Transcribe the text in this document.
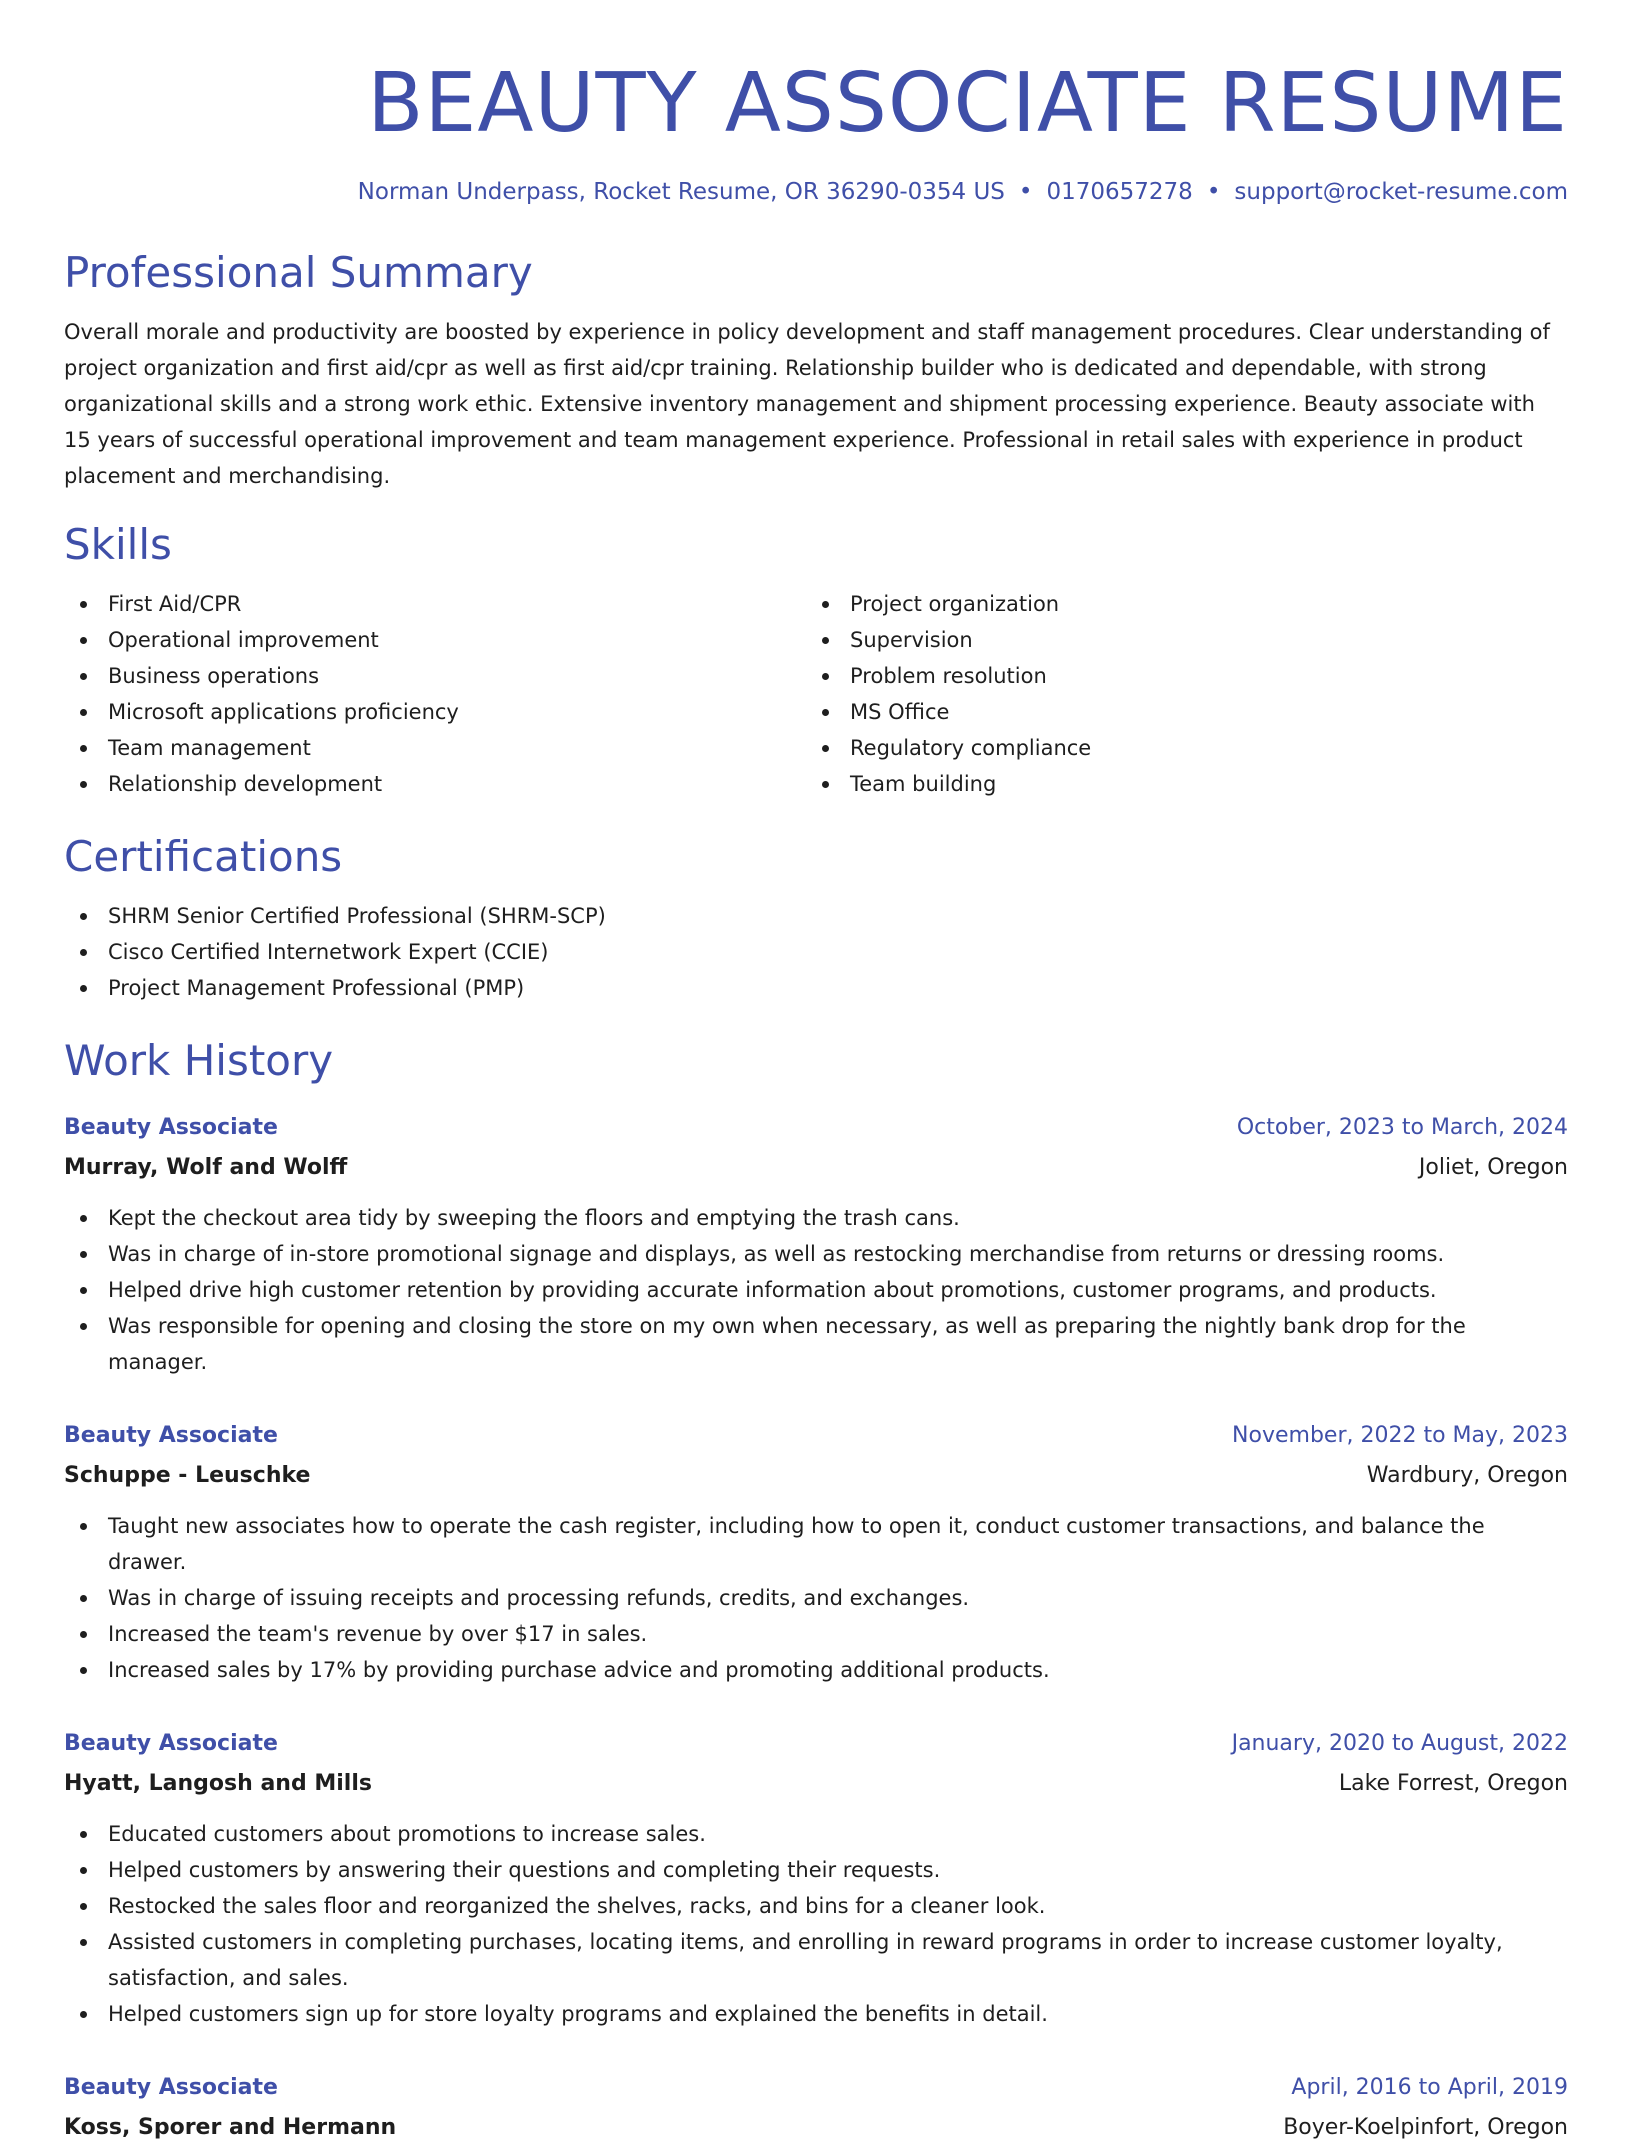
BEAUTY ASSOCIATE RESUME
Norman Underpass, Rocket Resume, OR 36290-0354 US • 0170657278 • support@rocket-resume.com
Professional Summary

Overall morale and productivity are boosted by experience in policy development and staff management procedures. Clear understanding of project organization and first aid/cpr as well as first aid/cpr training. Relationship builder who is dedicated and dependable, with strong organizational skills and a strong work ethic. Extensive inventory management and shipment processing experience. Beauty associate with 15 years of successful operational improvement and team management experience. Professional in retail sales with experience in product placement and merchandising.

Skills
First Aid/CPR
Operational improvement
Business operations
Microsoft applications proficiency
Team management
Relationship development
Project organization
Supervision
Problem resolution
MS Office
Regulatory compliance
Team building
Certifications
SHRM Senior Certified Professional (SHRM-SCP)
Cisco Certified Internetwork Expert (CCIE)
Project Management Professional (PMP)
Work History
Beauty Associate	October, 2023 to March, 2024
Murray, Wolf and Wolff	Joliet, Oregon
Kept the checkout area tidy by sweeping the floors and emptying the trash cans.
Was in charge of in-store promotional signage and displays, as well as restocking merchandise from returns or dressing rooms.
Helped drive high customer retention by providing accurate information about promotions, customer programs, and products.
Was responsible for opening and closing the store on my own when necessary, as well as preparing the nightly bank drop for the manager.
Beauty Associate	November, 2022 to May, 2023
Schuppe - Leuschke	Wardbury, Oregon
Taught new associates how to operate the cash register, including how to open it, conduct customer transactions, and balance the drawer.
Was in charge of issuing receipts and processing refunds, credits, and exchanges.
Increased the team's revenue by over $17 in sales.
Increased sales by 17% by providing purchase advice and promoting additional products.
Beauty Associate	January, 2020 to August, 2022
Hyatt, Langosh and Mills	Lake Forrest, Oregon
Educated customers about promotions to increase sales.
Helped customers by answering their questions and completing their requests.
Restocked the sales floor and reorganized the shelves, racks, and bins for a cleaner look.
Assisted customers in completing purchases, locating items, and enrolling in reward programs in order to increase customer loyalty, satisfaction, and sales.
Helped customers sign up for store loyalty programs and explained the benefits in detail.
Beauty Associate	April, 2016 to April, 2019
Koss, Sporer and Hermann	Boyer-Koelpinfort, Oregon
